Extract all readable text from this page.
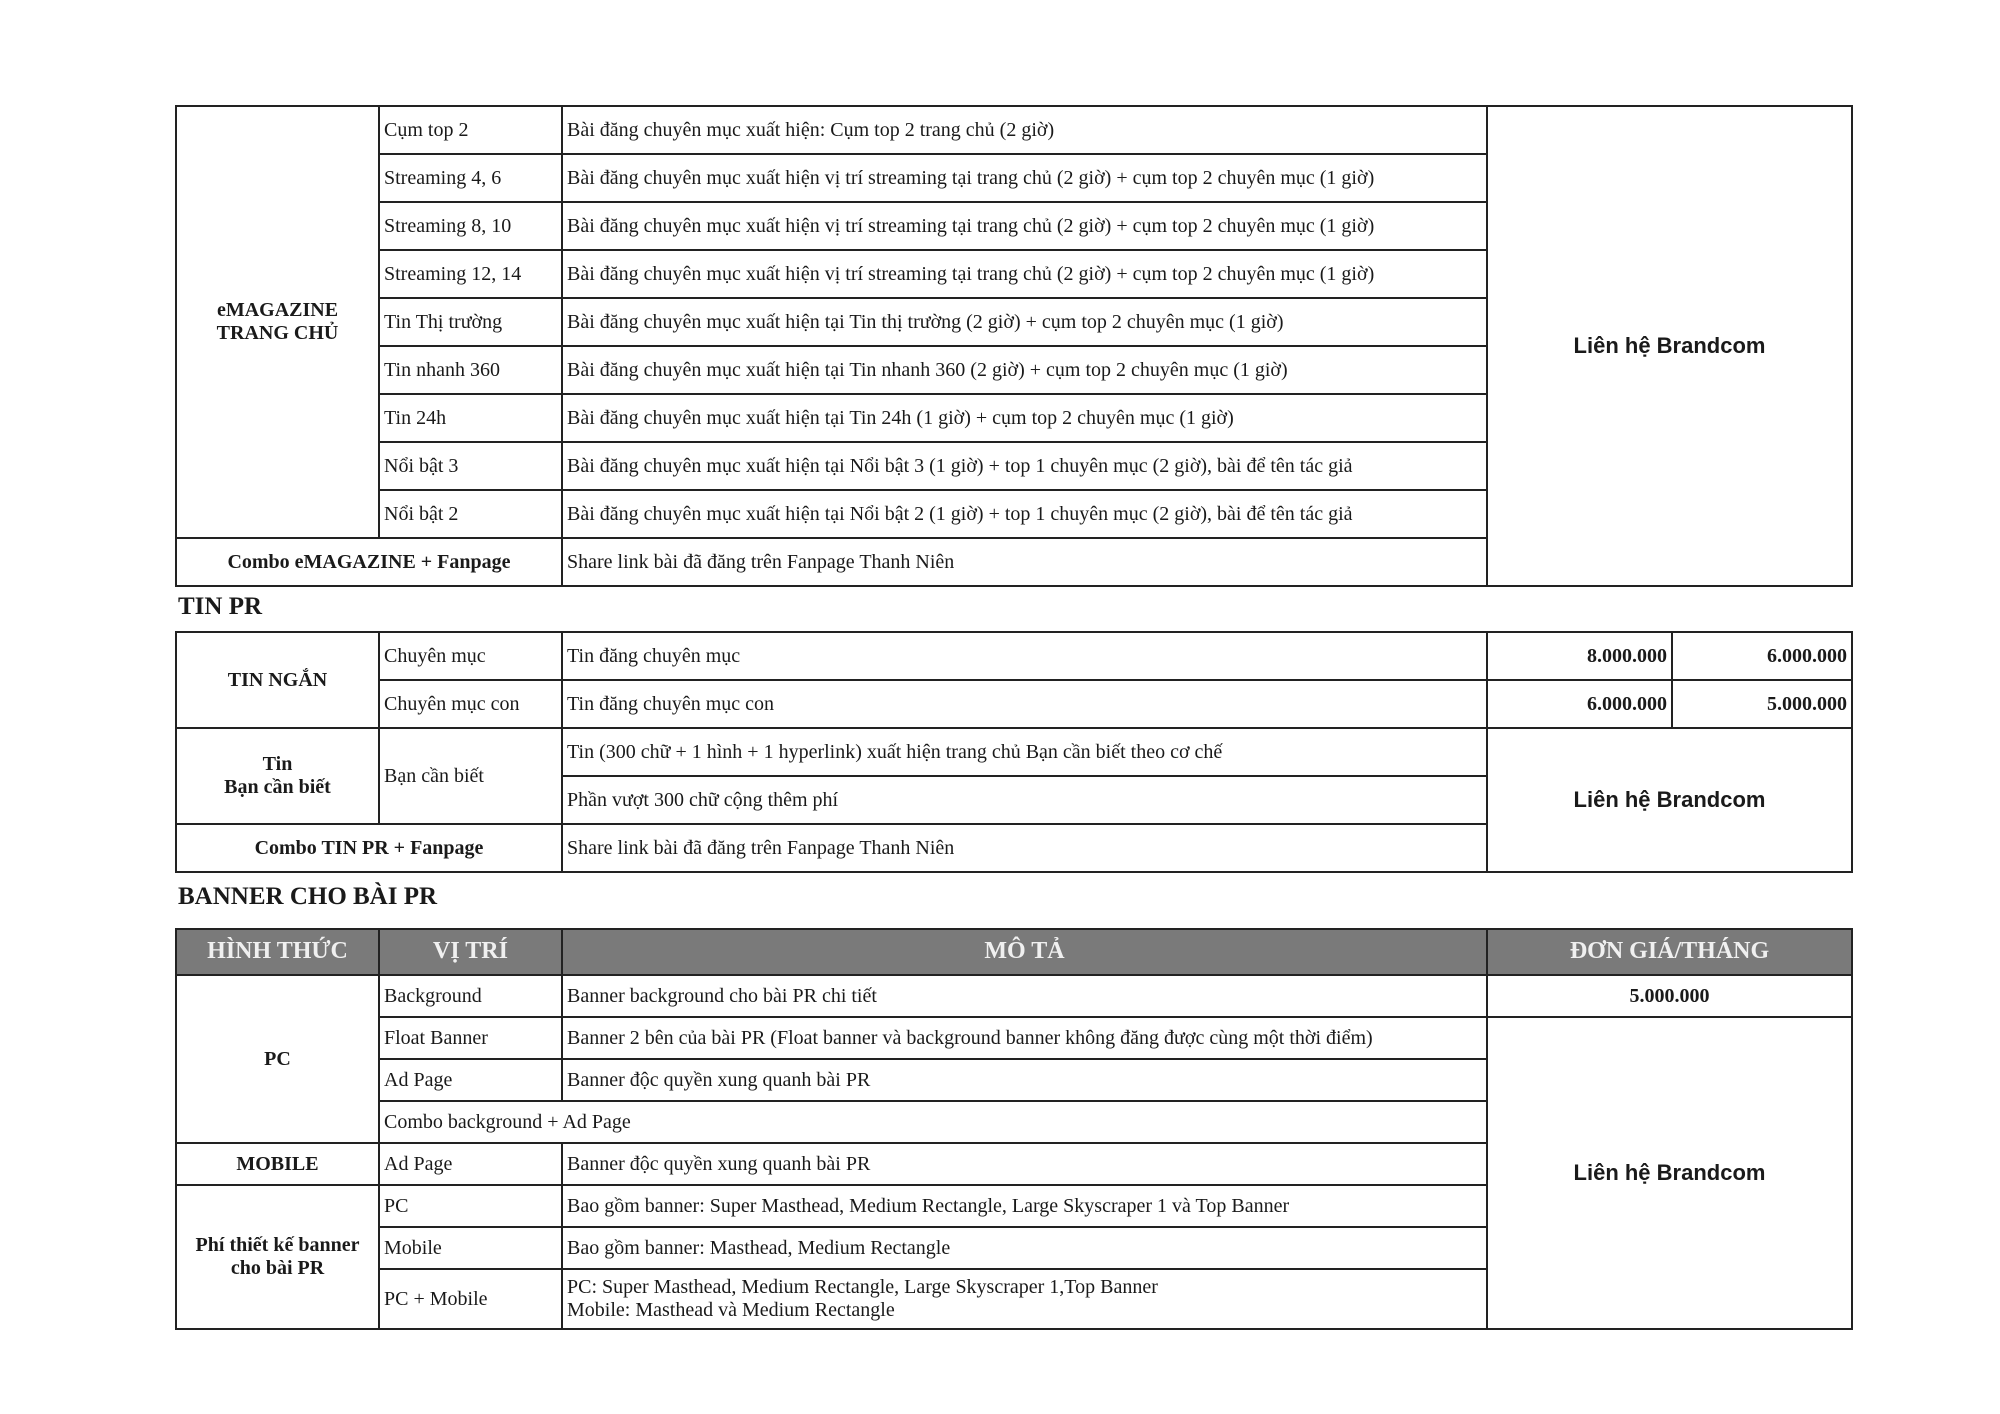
eMAGAZINE
TRANG CHỦ	Cụm top 2	Bài đăng chuyên mục xuất hiện: Cụm top 2 trang chủ (2 giờ)	Liên hệ Brandcom
	Streaming 4, 6	Bài đăng chuyên mục xuất hiện vị trí streaming tại trang chủ (2 giờ) + cụm top 2 chuyên mục (1 giờ)	
	Streaming 8, 10	Bài đăng chuyên mục xuất hiện vị trí streaming tại trang chủ (2 giờ) + cụm top 2 chuyên mục (1 giờ)	
	Streaming 12, 14	Bài đăng chuyên mục xuất hiện vị trí streaming tại trang chủ (2 giờ) + cụm top 2 chuyên mục (1 giờ)	
	Tin Thị trường	Bài đăng chuyên mục xuất hiện tại Tin thị trường (2 giờ) + cụm top 2 chuyên mục (1 giờ)	
	Tin nhanh 360	Bài đăng chuyên mục xuất hiện tại Tin nhanh 360 (2 giờ) + cụm top 2 chuyên mục (1 giờ)	
	Tin 24h	Bài đăng chuyên mục xuất hiện tại Tin 24h (1 giờ) + cụm top 2 chuyên mục (1 giờ)	
	Nổi bật 3	Bài đăng chuyên mục xuất hiện tại Nổi bật 3 (1 giờ) + top 1 chuyên mục (2 giờ), bài để tên tác giả	
	Nổi bật 2	Bài đăng chuyên mục xuất hiện tại Nổi bật 2 (1 giờ) + top 1 chuyên mục (2 giờ), bài để tên tác giả	
Combo eMAGAZINE + Fanpage		Share link bài đã đăng trên Fanpage Thanh Niên	
TIN PR
TIN NGẮN	Chuyên mục	Tin đăng chuyên mục	8.000.000	6.000.000
	Chuyên mục con	Tin đăng chuyên mục con	6.000.000	5.000.000

Tin
Bạn cần biết	Bạn cần biết	Tin (300 chữ + 1 hình + 1 hyperlink) xuất hiện trang chủ Bạn cần biết theo cơ chế	Liên hệ Brandcom	
		Phần vượt 300 chữ cộng thêm phí		
Combo TIN PR + Fanpage		Share link bài đã đăng trên Fanpage Thanh Niên		
BANNER CHO BÀI PR
HÌNH THỨC	VỊ TRÍ	MÔ TẢ	ĐƠN GIÁ/THÁNG
PC	Background	Banner background cho bài PR chi tiết	5.000.000
	Float Banner	Banner 2 bên của bài PR (Float banner và background banner không đăng được cùng một thời điểm)	Liên hệ Brandcom
	Ad Page	Banner độc quyền xung quanh bài PR	
	Combo background + Ad Page		
MOBILE	Ad Page	Banner độc quyền xung quanh bài PR	

Phí thiết kế banner
cho bài PR	PC	Bao gồm banner: Super Masthead, Medium Rectangle, Large Skyscraper 1 và Top Banner	
	Mobile	Bao gồm banner: Masthead, Medium Rectangle	
	PC + Mobile	PC: Super Masthead, Medium Rectangle, Large Skyscraper 1,Top Banner
Mobile: Masthead và Medium Rectangle	
